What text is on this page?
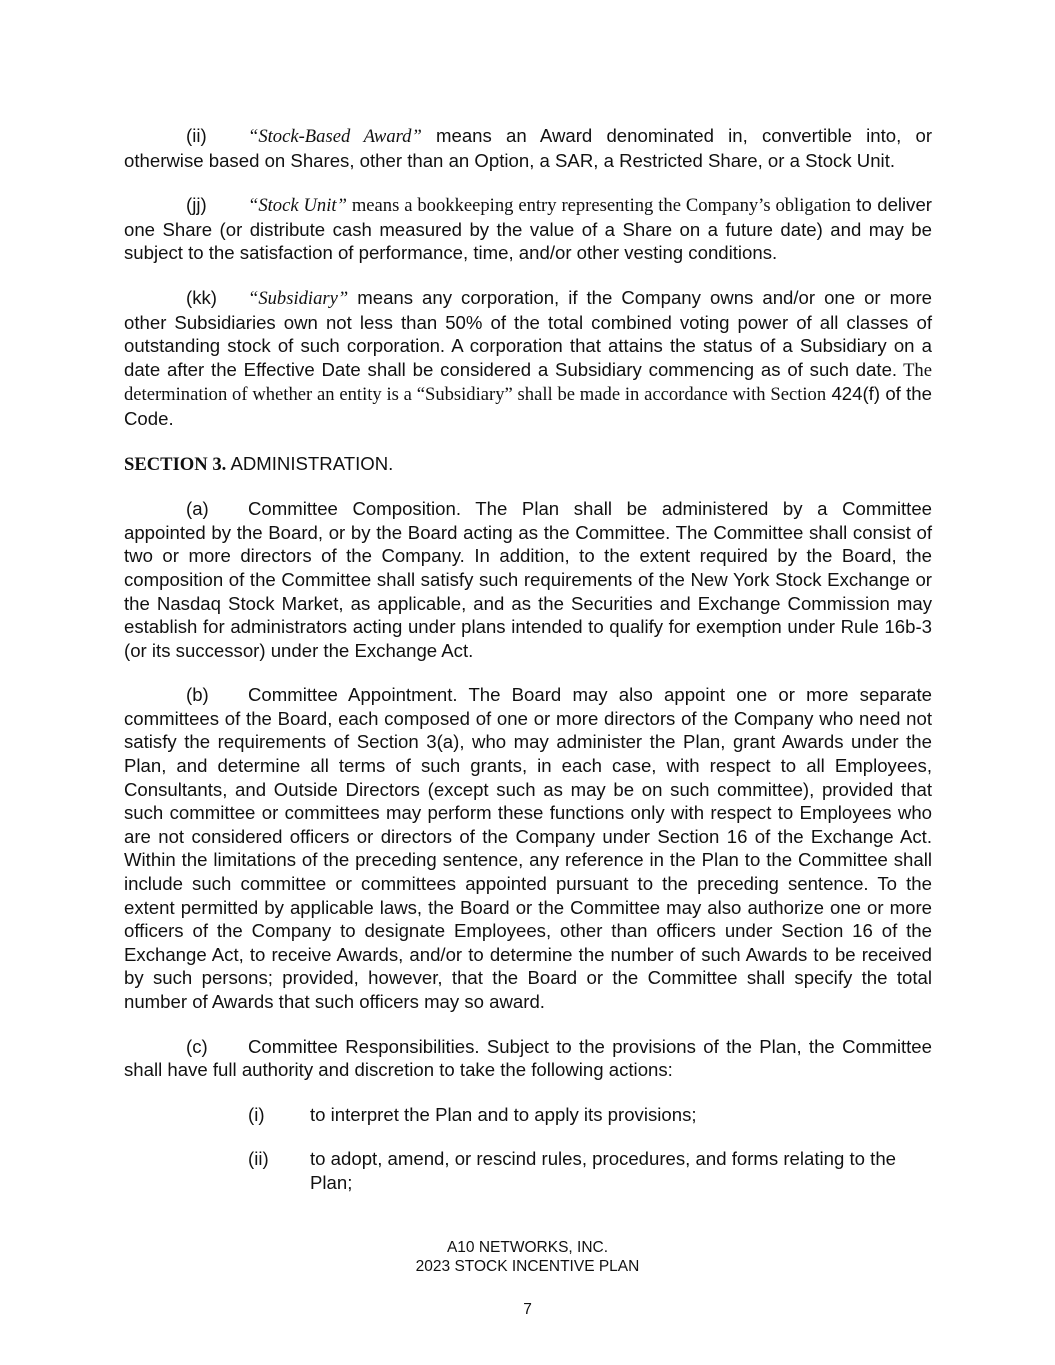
(ii) “Stock-Based Award” means an Award denominated in, convertible into, or otherwise based on Shares, other than an Option, a SAR, a Restricted Share, or a Stock Unit.

(jj) “Stock Unit” means a bookkeeping entry representing the Company’s obligation to deliver one Share (or distribute cash measured by the value of a Share on a future date) and may be subject to the satisfaction of performance, time, and/or other vesting conditions.

(kk) “Subsidiary” means any corporation, if the Company owns and/or one or more other Subsidiaries own not less than 50% of the total combined voting power of all classes of outstanding stock of such corporation. A corporation that attains the status of a Subsidiary on a date after the Effective Date shall be considered a Subsidiary commencing as of such date. The determination of whether an entity is a “Subsidiary” shall be made in accordance with Section 424(f) of the Code.

SECTION 3. ADMINISTRATION.

(a) Committee Composition. The Plan shall be administered by a Committee appointed by the Board, or by the Board acting as the Committee. The Committee shall consist of two or more directors of the Company. In addition, to the extent required by the Board, the composition of the Committee shall satisfy such requirements of the New York Stock Exchange or the Nasdaq Stock Market, as applicable, and as the Securities and Exchange Commission may establish for administrators acting under plans intended to qualify for exemption under Rule 16b-3 (or its successor) under the Exchange Act.

(b) Committee Appointment. The Board may also appoint one or more separate committees of the Board, each composed of one or more directors of the Company who need not satisfy the requirements of Section 3(a), who may administer the Plan, grant Awards under the Plan, and determine all terms of such grants, in each case, with respect to all Employees, Consultants, and Outside Directors (except such as may be on such committee), provided that such committee or committees may perform these functions only with respect to Employees who are not considered officers or directors of the Company under Section 16 of the Exchange Act. Within the limitations of the preceding sentence, any reference in the Plan to the Committee shall include such committee or committees appointed pursuant to the preceding sentence. To the extent permitted by applicable laws, the Board or the Committee may also authorize one or more officers of the Company to designate Employees, other than officers under Section 16 of the Exchange Act, to receive Awards, and/or to determine the number of such Awards to be received by such persons; provided, however, that the Board or the Committee shall specify the total number of Awards that such officers may so award.

(c) Committee Responsibilities. Subject to the provisions of the Plan, the Committee shall have full authority and discretion to take the following actions:

(i)	to interpret the Plan and to apply its provisions;
(ii)	to adopt, amend, or rescind rules, procedures, and forms relating to the Plan;
A10 NETWORKS, INC.
2023 STOCK INCENTIVE PLAN
7
